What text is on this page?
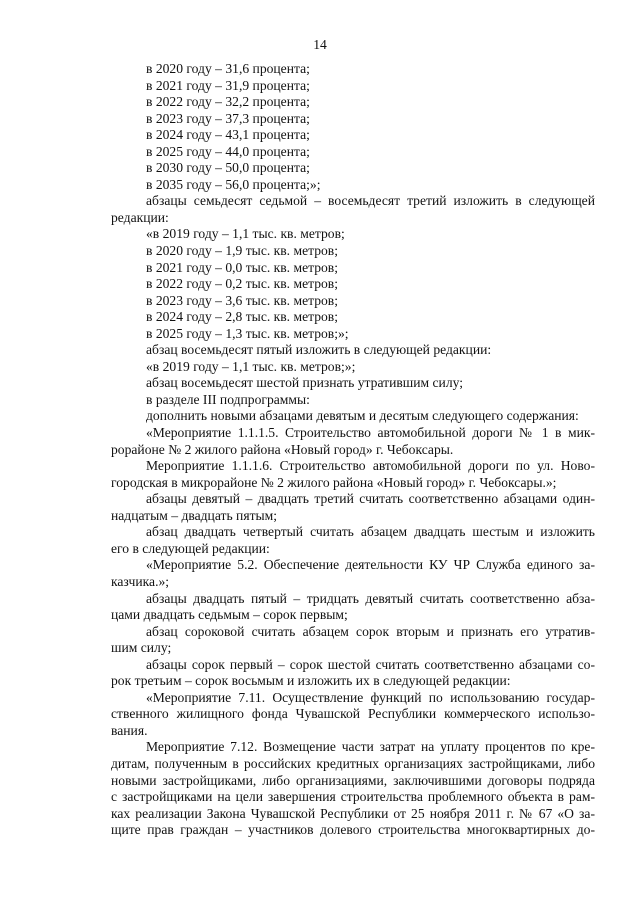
14
в 2020 году – 31,6 процента;
в 2021 году – 31,9 процента;
в 2022 году – 32,2 процента;
в 2023 году – 37,3 процента;
в 2024 году – 43,1 процента;
в 2025 году – 44,0 процента;
в 2030 году – 50,0 процента;
в 2035 году – 56,0 процента;»;
абзацы семьдесят седьмой – восемьдесят третий изложить в следующей
редакции:
«в 2019 году – 1,1 тыс. кв. метров;
в 2020 году – 1,9 тыс. кв. метров;
в 2021 году – 0,0 тыс. кв. метров;
в 2022 году – 0,2 тыс. кв. метров;
в 2023 году – 3,6 тыс. кв. метров;
в 2024 году – 2,8 тыс. кв. метров;
в 2025 году – 1,3 тыс. кв. метров;»;
абзац восемьдесят пятый изложить в следующей редакции:
«в 2019 году – 1,1 тыс. кв. метров;»;
абзац восемьдесят шестой признать утратившим силу;
в разделе III подпрограммы:
дополнить новыми абзацами девятым и десятым следующего содержания:
«Мероприятие 1.1.1.5. Строительство автомобильной дороги № 1 в мик-
рорайоне № 2 жилого района «Новый город» г. Чебоксары.
Мероприятие 1.1.1.6. Строительство автомобильной дороги по ул. Ново-
городская в микрорайоне № 2 жилого района «Новый город» г. Чебоксары.»;
абзацы девятый – двадцать третий считать соответственно абзацами один-
надцатым – двадцать пятым;
абзац двадцать четвертый считать абзацем двадцать шестым и изложить
его в следующей редакции:
«Мероприятие 5.2. Обеспечение деятельности КУ ЧР Служба единого за-
казчика.»;
абзацы двадцать пятый – тридцать девятый считать соответственно абза-
цами двадцать седьмым – сорок первым;
абзац сороковой считать абзацем сорок вторым и признать его утратив-
шим силу;
абзацы сорок первый – сорок шестой считать соответственно абзацами со-
рок третьим – сорок восьмым и изложить их в следующей редакции:
«Мероприятие 7.11. Осуществление функций по использованию государ-
ственного жилищного фонда Чувашской Республики коммерческого использо-
вания.
Мероприятие 7.12. Возмещение части затрат на уплату процентов по кре-
дитам, полученным в российских кредитных организациях застройщиками, либо
новыми застройщиками, либо организациями, заключившими договоры подряда
с застройщиками на цели завершения строительства проблемного объекта в рам-
ках реализации Закона Чувашской Республики от 25 ноября 2011 г. № 67 «О за-
щите прав граждан – участников долевого строительства многоквартирных до-
